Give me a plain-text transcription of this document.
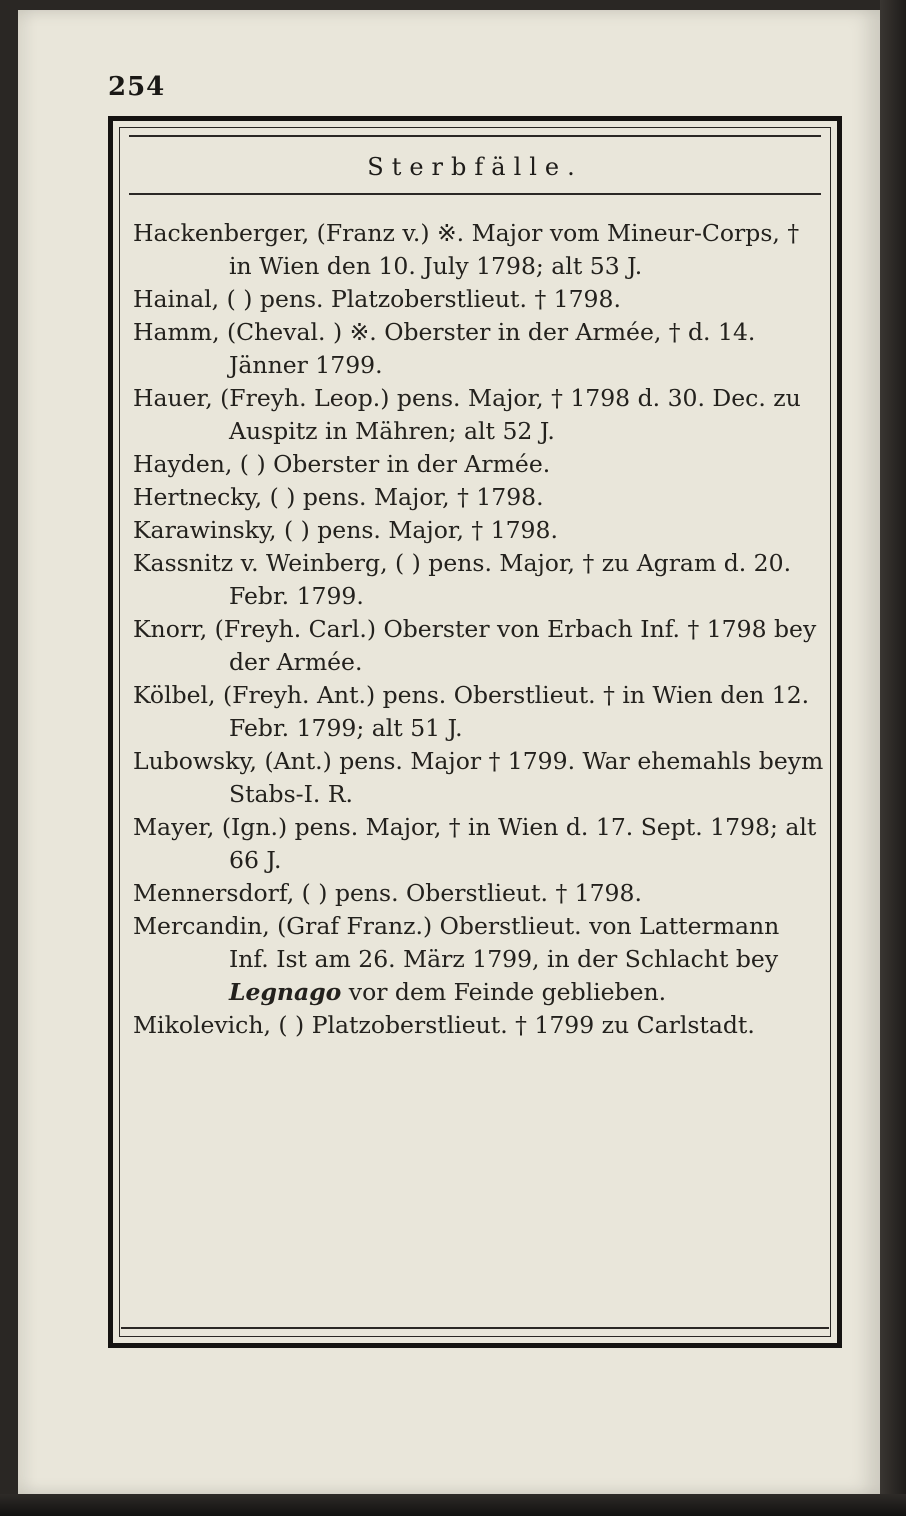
254
Sterbfälle.

Hackenberger, (Franz v.) ※. Major vom Mineur-Corps, † in Wien den 10. July 1798; alt 53 J.

Hainal, ( ) pens. Platzoberstlieut. † 1798.

Hamm, (Cheval. ) ※. Oberster in der Armée, † d. 14. Jänner 1799.

Hauer, (Freyh. Leop.) pens. Major, † 1798 d. 30. Dec. zu Auspitz in Mähren; alt 52 J.

Hayden, ( ) Oberster in der Armée.

Hertnecky, ( ) pens. Major, † 1798.

Karawinsky, ( ) pens. Major, † 1798.

Kassnitz v. Weinberg, ( ) pens. Major, † zu Agram d. 20. Febr. 1799.

Knorr, (Freyh. Carl.) Oberster von Erbach Inf. † 1798 bey der Armée.

Kölbel, (Freyh. Ant.) pens. Oberstlieut. † in Wien den 12. Febr. 1799; alt 51 J.

Lubowsky, (Ant.) pens. Major † 1799. War ehemahls beym Stabs-I. R.

Mayer, (Ign.) pens. Major, † in Wien d. 17. Sept. 1798; alt 66 J.

Mennersdorf, ( ) pens. Oberstlieut. † 1798.

Mercandin, (Graf Franz.) Oberstlieut. von Lattermann Inf. Ist am 26. März 1799, in der Schlacht bey Legnago vor dem Feinde geblieben.

Mikolevich, ( ) Platzoberstlieut. † 1799 zu Carlstadt.
